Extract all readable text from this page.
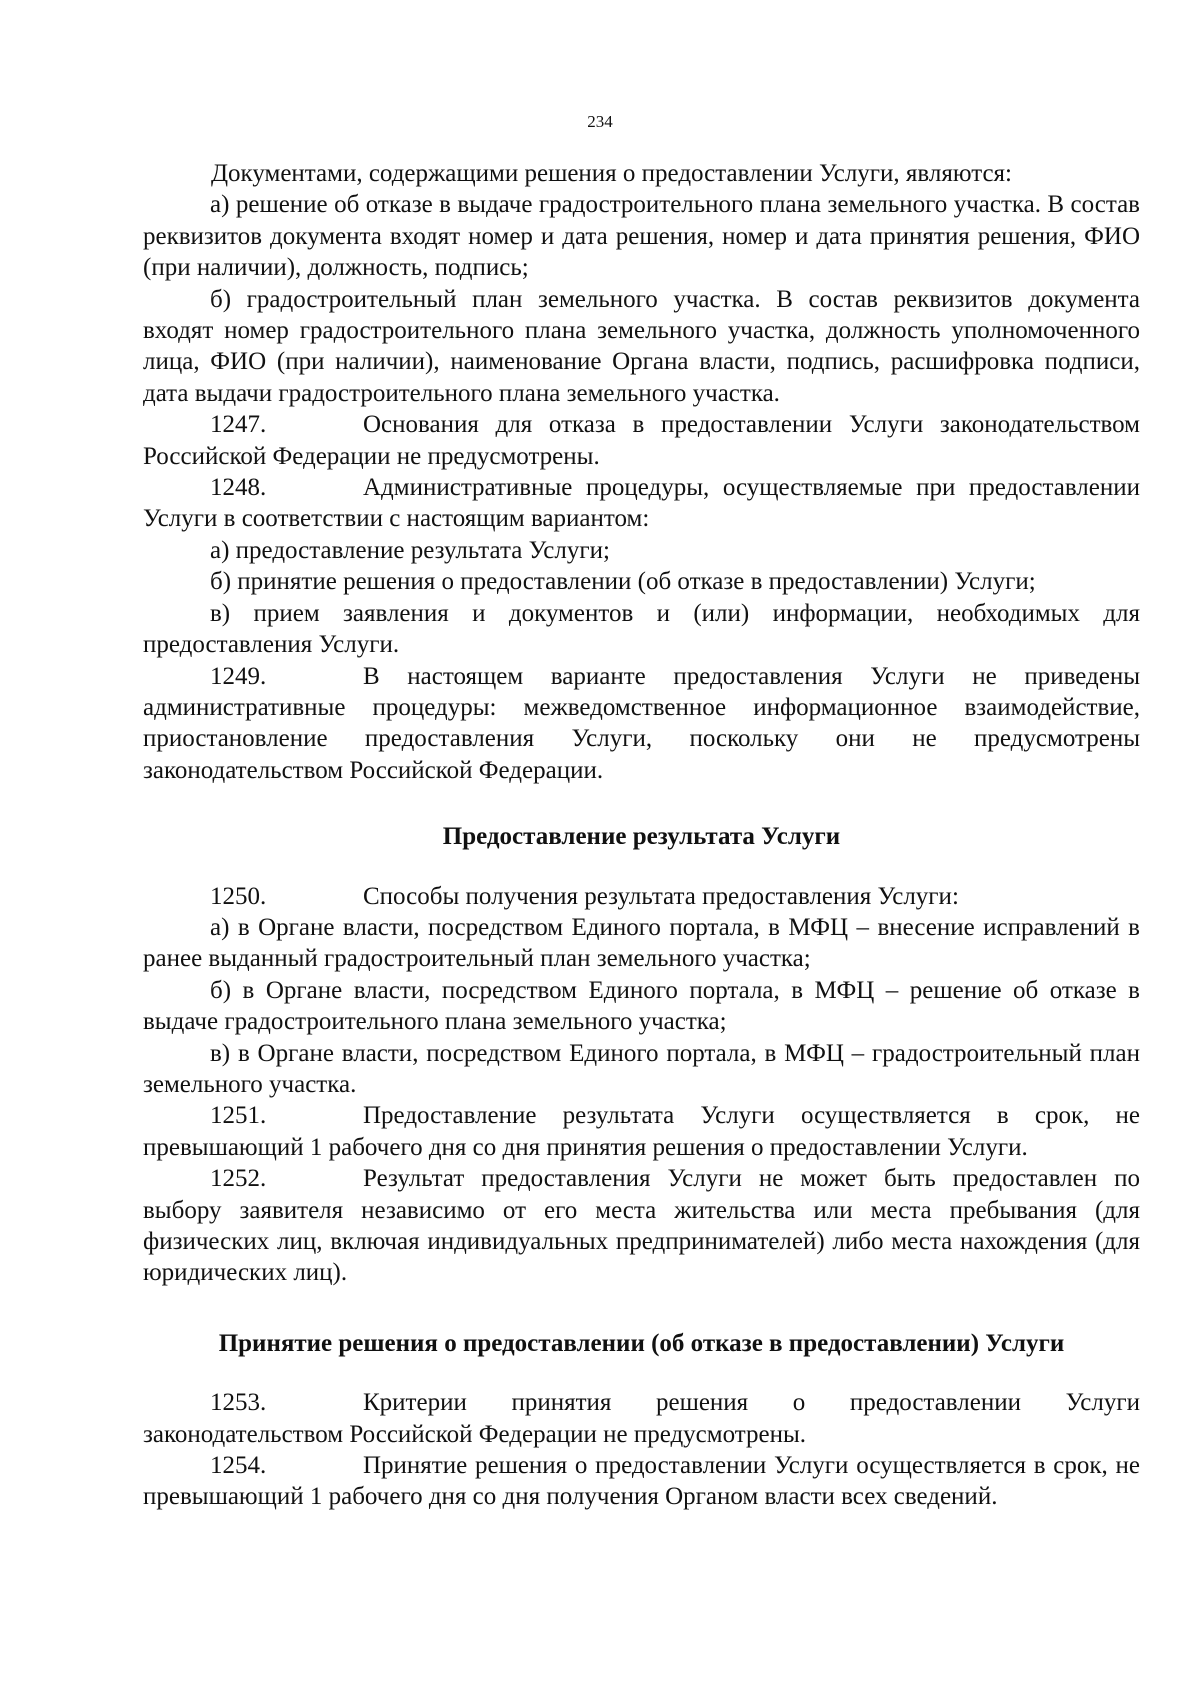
234

Документами, содержащими решения о предоставлении Услуги, являются:

а) решение об отказе в выдаче градостроительного плана земельного участка. В состав реквизитов документа входят номер и дата решения, номер и дата принятия решения, ФИО (при наличии), должность, подпись;

б) градостроительный план земельного участка. В состав реквизитов документа входят номер градостроительного плана земельного участка, должность уполномоченного лица, ФИО (при наличии), наименование Органа власти, подпись, расшифровка подписи, дата выдачи градостроительного плана земельного участка.

1247.	Основания для отказа в предоставлении Услуги законодательством Российской Федерации не предусмотрены.

1248.	Административные процедуры, осуществляемые при предоставлении Услуги в соответствии с настоящим вариантом:

а) предоставление результата Услуги;

б) принятие решения о предоставлении (об отказе в предоставлении) Услуги;

в) прием заявления и документов и (или) информации, необходимых для предоставления Услуги.

1249.	В настоящем варианте предоставления Услуги не приведены административные процедуры: межведомственное информационное взаимодействие, приостановление предоставления Услуги, поскольку они не предусмотрены законодательством Российской Федерации.

Предоставление результата Услуги

1250.	Способы получения результата предоставления Услуги:

а) в Органе власти, посредством Единого портала, в МФЦ – внесение исправлений в ранее выданный градостроительный план земельного участка;

б) в Органе власти, посредством Единого портала, в МФЦ – решение об отказе в выдаче градостроительного плана земельного участка;

в) в Органе власти, посредством Единого портала, в МФЦ – градостроительный план земельного участка.

1251.	Предоставление результата Услуги осуществляется в срок, не превышающий 1 рабочего дня со дня принятия решения о предоставлении Услуги.

1252.	Результат предоставления Услуги не может быть предоставлен по выбору заявителя независимо от его места жительства или места пребывания (для физических лиц, включая индивидуальных предпринимателей) либо места нахождения (для юридических лиц).

Принятие решения о предоставлении (об отказе в предоставлении) Услуги

1253.	Критерии принятия решения о предоставлении Услуги законодательством Российской Федерации не предусмотрены.

1254.	Принятие решения о предоставлении Услуги осуществляется в срок, не превышающий 1 рабочего дня со дня получения Органом власти всех сведений.
